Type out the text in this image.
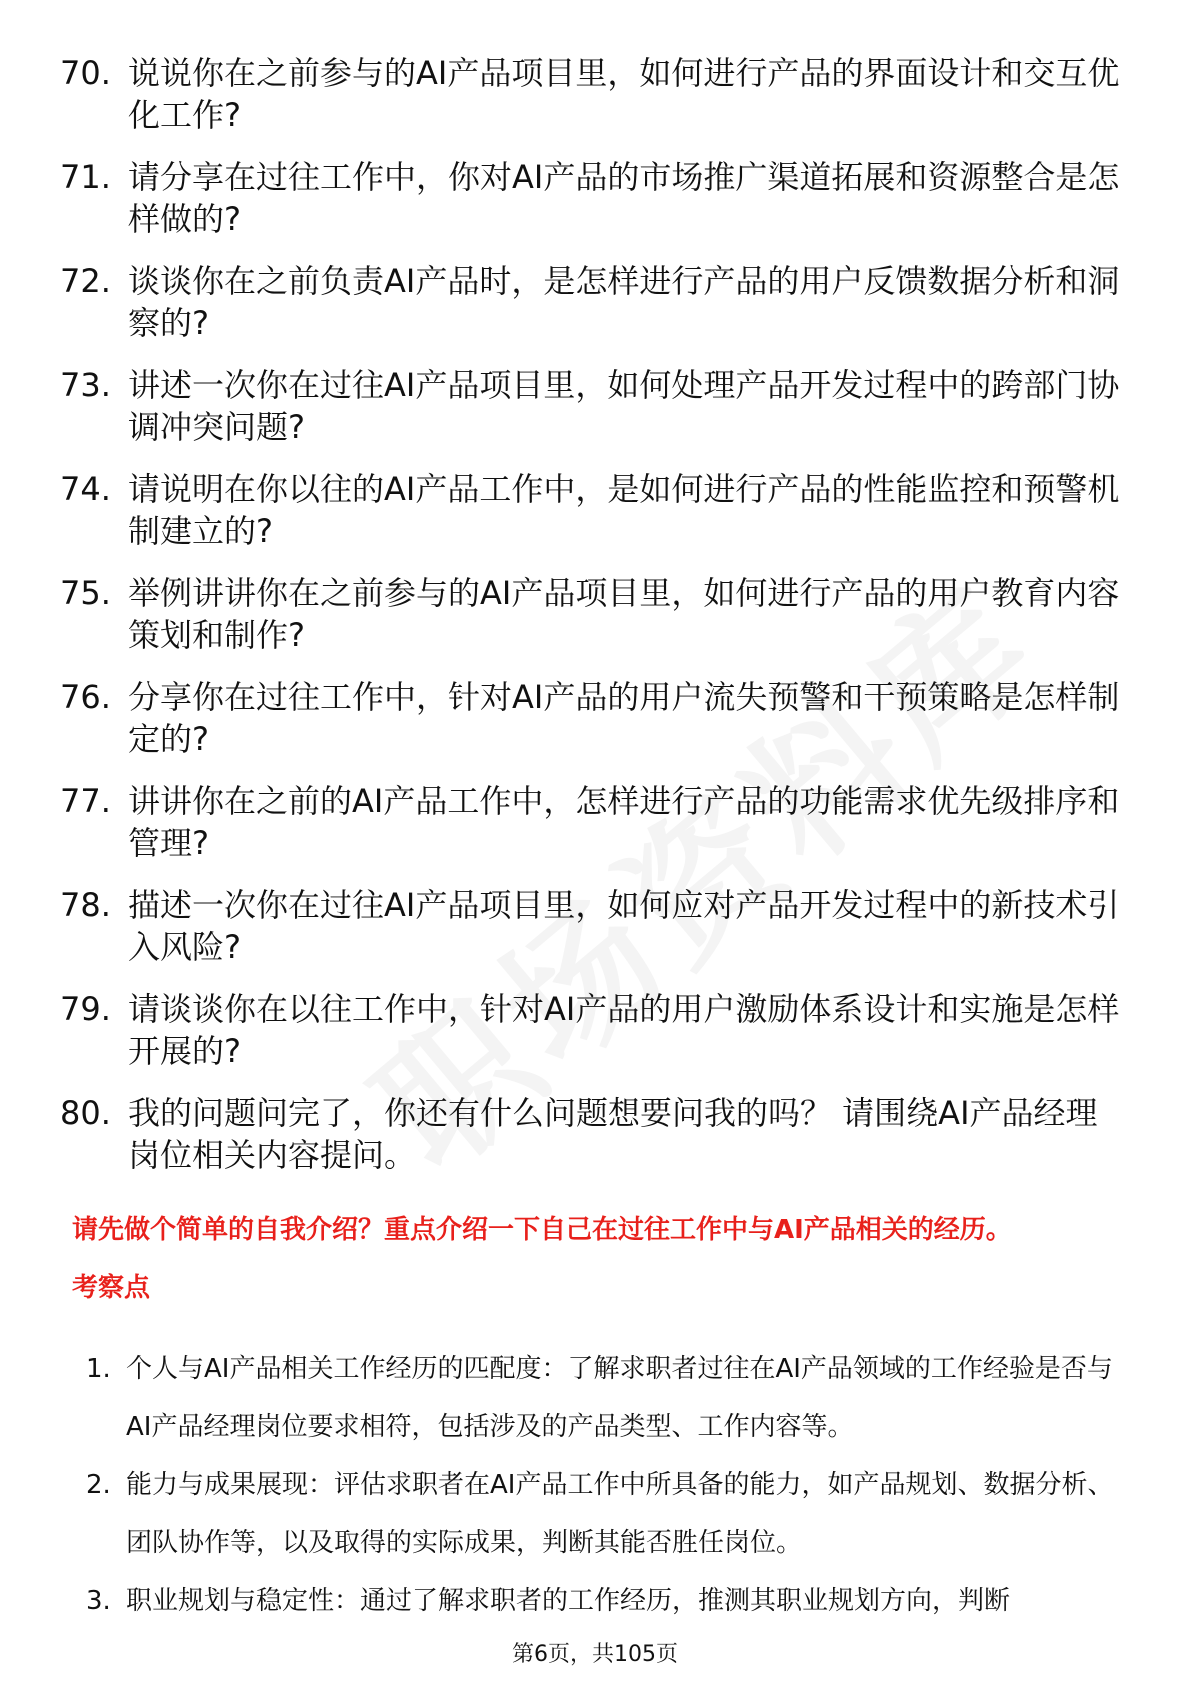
70. 说说你在之前参与的AI产品项目里，如何进行产品的界面设计和交互优化工作?
71. 请分享在过往工作中，你对AI产品的市场推广渠道拓展和资源整合是怎样做的?
72. 谈谈你在之前负责AI产品时，是怎样进行产品的用户反馈数据分析和洞察的?
73. 讲述一次你在过往AI产品项目里，如何处理产品开发过程中的跨部门协调冲突问题?
74. 请说明在你以往的AI产品工作中，是如何进行产品的性能监控和预警机制建立的?
75. 举例讲讲你在之前参与的AI产品项目里，如何进行产品的用户教育内容策划和制作?
76. 分享你在过往工作中，针对AI产品的用户流失预警和干预策略是怎样制定的?
77. 讲讲你在之前的AI产品工作中，怎样进行产品的功能需求优先级排序和管理?
78. 描述一次你在过往AI产品项目里，如何应对产品开发过程中的新技术引入风险?
79. 请谈谈你在以往工作中，针对AI产品的用户激励体系设计和实施是怎样开展的?
80. 我的问题问完了，你还有什么问题想要问我的吗？ 请围绕AI产品经理岗位相关内容提问。

请先做个简单的自我介绍？重点介绍一下自己在过往工作中与AI产品相关的经历。

考察点

1. 个人与AI产品相关工作经历的匹配度：了解求职者过往在AI产品领域的工作经验是否与AI产品经理岗位要求相符，包括涉及的产品类型、工作内容等。
2. 能力与成果展现：评估求职者在AI产品工作中所具备的能力，如产品规划、数据分析、团队协作等，以及取得的实际成果，判断其能否胜任岗位。
3. 职业规划与稳定性：通过了解求职者的工作经历，推测其职业规划方向，判断
第6页，共105页
